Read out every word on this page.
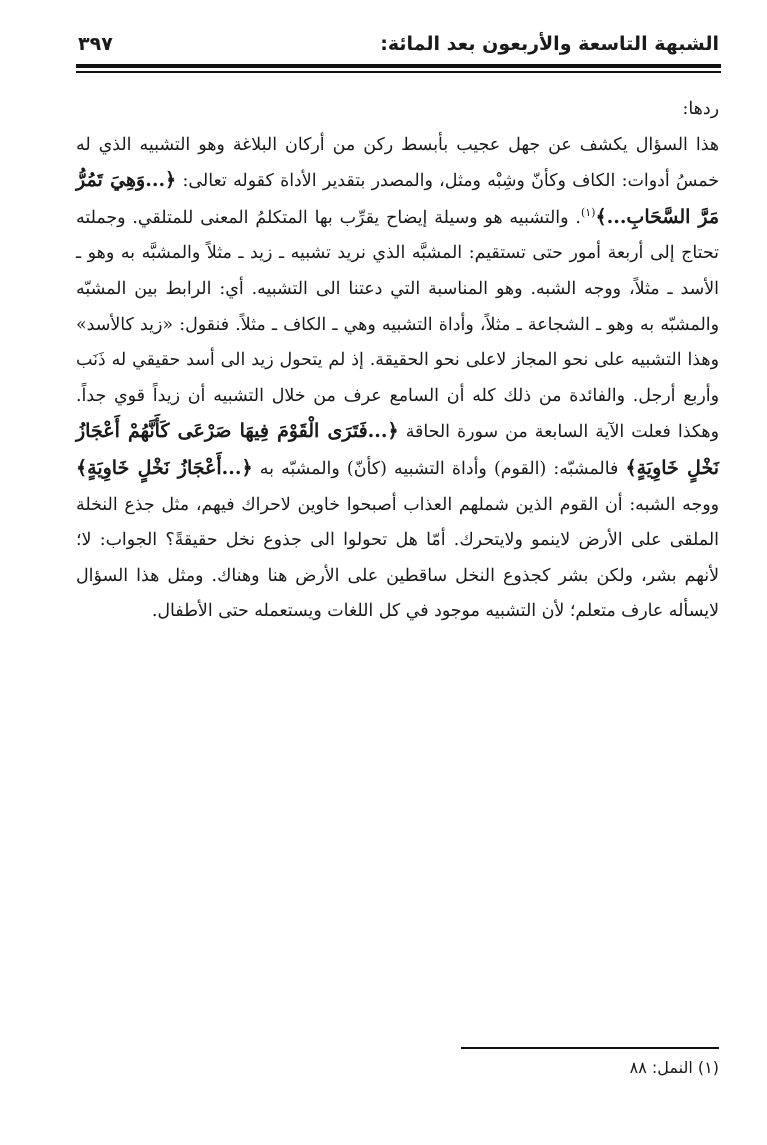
الشبهة التاسعة والأربعون بعد المائة:
٣٩٧

ردها:

هذا السؤال يكشف عن جهل عجيب بأبسط ركن من أركان البلاغة وهو التشبيه الذي له خمسُ أدوات: الكاف وكأنّ وشِبْه ومثل، والمصدر بتقدير الأداة كقوله تعالى: ﴿...وَهِيَ تَمُرُّ مَرَّ السَّحَابِ...﴾$^{(١)}$. والتشبيه هو وسيلة إيضاح يقرِّب بها المتكلمُ المعنى للمتلقي. وجملته تحتاج إلى أربعة أمور حتى تستقيم: المشبَّه الذي نريد تشبيه ـ زيد ـ مثلاً والمشبَّه به وهو ـ الأسد ـ مثلاً، ووجه الشبه. وهو المناسبة التي دعتنا الى التشبيه. أي: الرابط بين المشبّه والمشبّه به وهو ـ الشجاعة ـ مثلاً، وأداة التشبيه وهي ـ الكاف ـ مثلاً. فنقول: «زيد كالأسد» وهذا التشبيه على نحو المجاز لاعلى نحو الحقيقة. إذ لم يتحول زيد الى أسد حقيقي له ذَنَب وأربع أرجل. والفائدة من ذلك كله أن السامع عرف من خلال التشبيه أن زيداً قوي جداً. وهكذا فعلت الآية السابعة من سورة الحاقة ﴿...فَتَرَى الْقَوْمَ فِيهَا صَرْعَى كَأَنَّهُمْ أَعْجَازُ نَخْلٍ خَاوِيَةٍ﴾ فالمشبّه: (القوم) وأداة التشبيه (كأنّ) والمشبّه به ﴿...أَعْجَازُ نَخْلٍ خَاوِيَةٍ﴾ ووجه الشبه: أن القوم الذين شملهم العذاب أصبحوا خاوين لاحراك فيهم، مثل جذع النخلة الملقى على الأرض لاينمو ولايتحرك. أمّا هل تحولوا الى جذوع نخل حقيقةً؟ الجواب: لا؛ لأنهم بشر، ولكن بشر كجذوع النخل ساقطين على الأرض هنا وهناك. ومثل هذا السؤال لايسأله عارف متعلم؛ لأن التشبيه موجود في كل اللغات ويستعمله حتى الأطفال.

(١) النمل: ٨٨
